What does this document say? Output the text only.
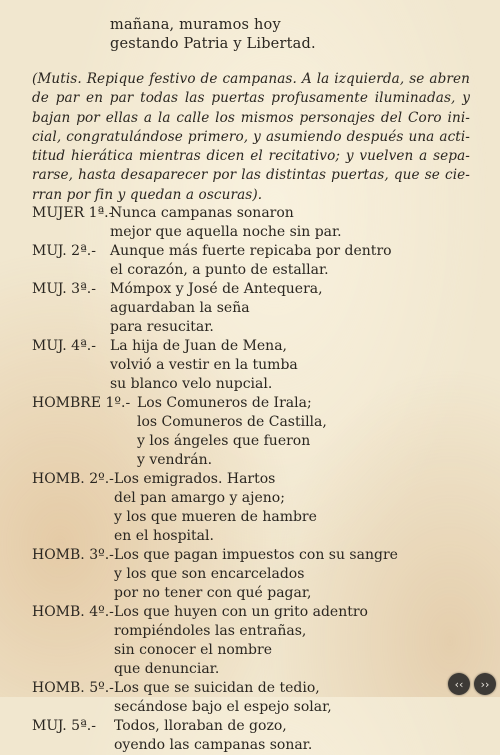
mañana, muramos hoy
gestando Patria y Libertad.
(Mutis. Repique festivo de campanas. A la izquierda, se abren
de par en par todas las puertas profusamente iluminadas, y
bajan por ellas a la calle los mismos personajes del Coro ini-
cial, congratulándose primero, y asumiendo después una acti-
titud hierática mientras dicen el recitativo; y vuelven a sepa-
rarse, hasta desaparecer por las distintas puertas, que se cie-
rran por fin y quedan a oscuras).
MUJER 1ª.-
Nunca campanas sonaron
mejor que aquella noche sin par.
MUJ. 2ª.- Aunque más fuerte repicaba por dentro
el corazón, a punto de estallar.
MUJ. 3ª.- Mómpox y José de Antequera,
aguardaban la seña
para resucitar.
MUJ. 4ª.- La hija de Juan de Mena,
volvió a vestir en la tumba
su blanco velo nupcial.
HOMBRE 1º.- Los Comuneros de Irala;
los Comuneros de Castilla,
y los ángeles que fueron
y vendrán.
HOMB. 2º.- Los emigrados. Hartos
del pan amargo y ajeno;
y los que mueren de hambre
en el hospital.
HOMB. 3º.- Los que pagan impuestos con su sangre
y los que son encarcelados
por no tener con qué pagar,
HOMB. 4º.- Los que huyen con un grito adentro
rompiéndoles las entrañas,
sin conocer el nombre
que denunciar.
HOMB. 5º.- Los que se suicidan de tedio,
secándose bajo el espejo solar,
MUJ. 5ª.- Todos, lloraban de gozo,
oyendo las campanas sonar.
‹‹ ››
